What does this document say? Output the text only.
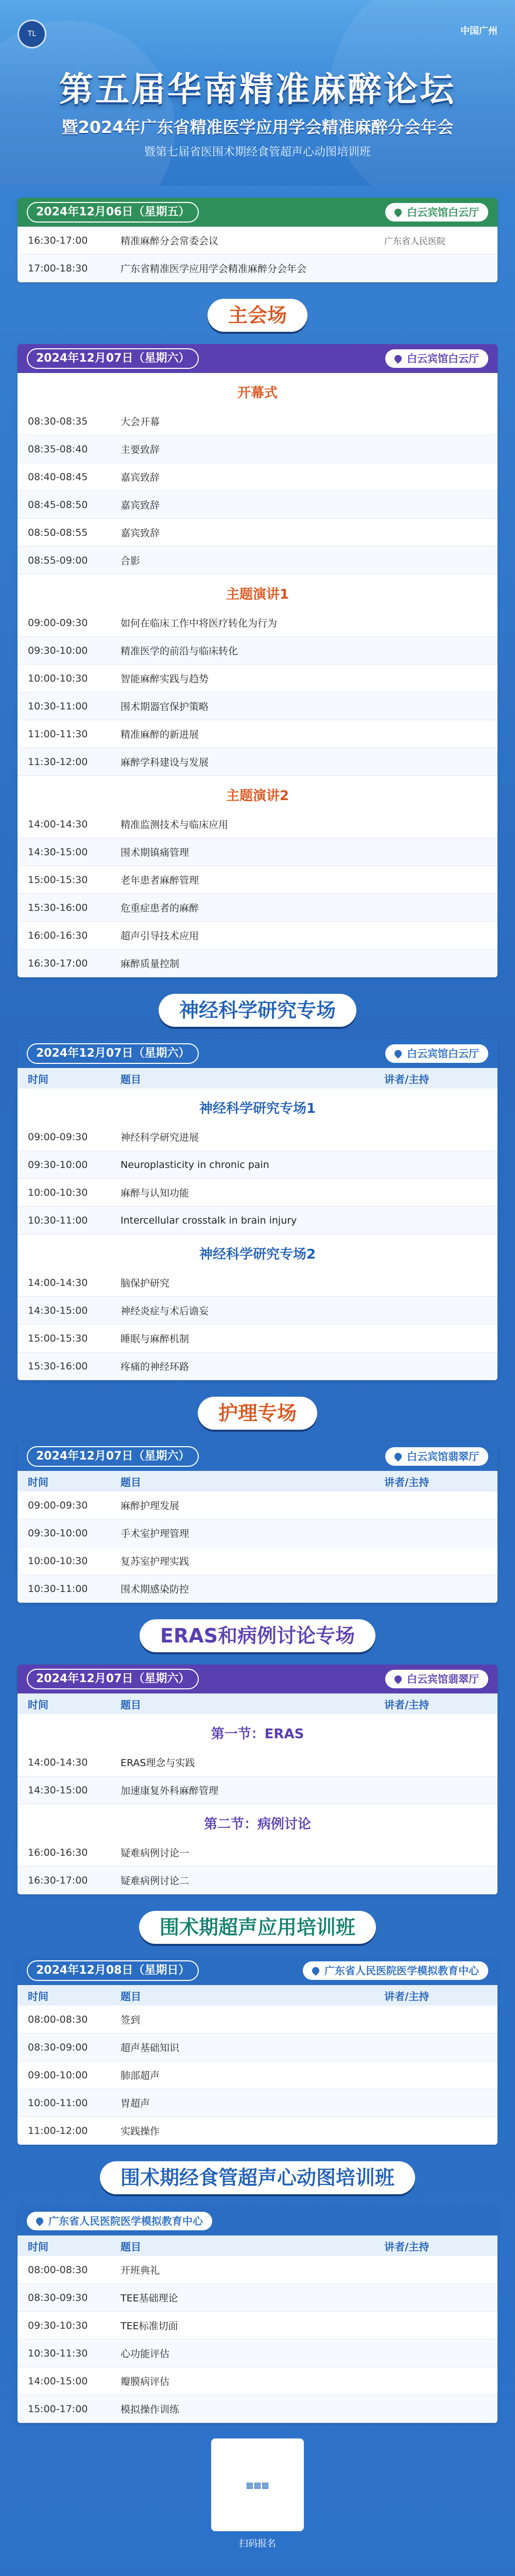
TL	中国广州
第五届华南精准麻醉论坛
暨2024年广东省精准医学应用学会精准麻醉分会年会
暨第七届省医围术期经食管超声心动图培训班
2024年12月06日（星期五）	白云宾馆白云厅
16:30-17:00	精准麻醉分会常委会议	广东省人民医院
17:00-18:30	广东省精准医学应用学会精准麻醉分会年会
主会场
2024年12月07日（星期六）	白云宾馆白云厅
开幕式
08:30-08:35	大会开幕
08:35-08:40	主要致辞
08:40-08:45	嘉宾致辞
08:45-08:50	嘉宾致辞
08:50-08:55	嘉宾致辞
08:55-09:00	合影
主题演讲1
09:00-09:30	如何在临床工作中将医疗转化为行为
09:30-10:00	精准医学的前沿与临床转化
10:00-10:30	智能麻醉实践与趋势
10:30-11:00	围术期器官保护策略
11:00-11:30	精准麻醉的新进展
11:30-12:00	麻醉学科建设与发展
主题演讲2
14:00-14:30	精准监测技术与临床应用
14:30-15:00	围术期镇痛管理
15:00-15:30	老年患者麻醉管理
15:30-16:00	危重症患者的麻醉
16:00-16:30	超声引导技术应用
16:30-17:00	麻醉质量控制
神经科学研究专场
2024年12月07日（星期六）	白云宾馆白云厅
时间	题目	讲者/主持
神经科学研究专场1
09:00-09:30	神经科学研究进展
09:30-10:00	Neuroplasticity in chronic pain
10:00-10:30	麻醉与认知功能
10:30-11:00	Intercellular crosstalk in brain injury
神经科学研究专场2
14:00-14:30	脑保护研究
14:30-15:00	神经炎症与术后谵妄
15:00-15:30	睡眠与麻醉机制
15:30-16:00	疼痛的神经环路
护理专场
2024年12月07日（星期六）	白云宾馆翡翠厅
时间	题目	讲者/主持
09:00-09:30	麻醉护理发展
09:30-10:00	手术室护理管理
10:00-10:30	复苏室护理实践
10:30-11:00	围术期感染防控
ERAS和病例讨论专场
2024年12月07日（星期六）	白云宾馆翡翠厅
时间	题目	讲者/主持
第一节：ERAS
14:00-14:30	ERAS理念与实践
14:30-15:00	加速康复外科麻醉管理
第二节：病例讨论
16:00-16:30	疑难病例讨论一
16:30-17:00	疑难病例讨论二
围术期超声应用培训班
2024年12月08日（星期日）	广东省人民医院医学模拟教育中心
时间	题目	讲者/主持
08:00-08:30	签到
08:30-09:00	超声基础知识
09:00-10:00	肺部超声
10:00-11:00	胃超声
11:00-12:00	实践操作
围术期经食管超声心动图培训班
广东省人民医院医学模拟教育中心
时间	题目	讲者/主持
08:00-08:30	开班典礼
08:30-09:30	TEE基础理论
09:30-10:30	TEE标准切面
10:30-11:30	心功能评估
14:00-15:00	瓣膜病评估
15:00-17:00	模拟操作训练
▦▦▦
扫码报名
